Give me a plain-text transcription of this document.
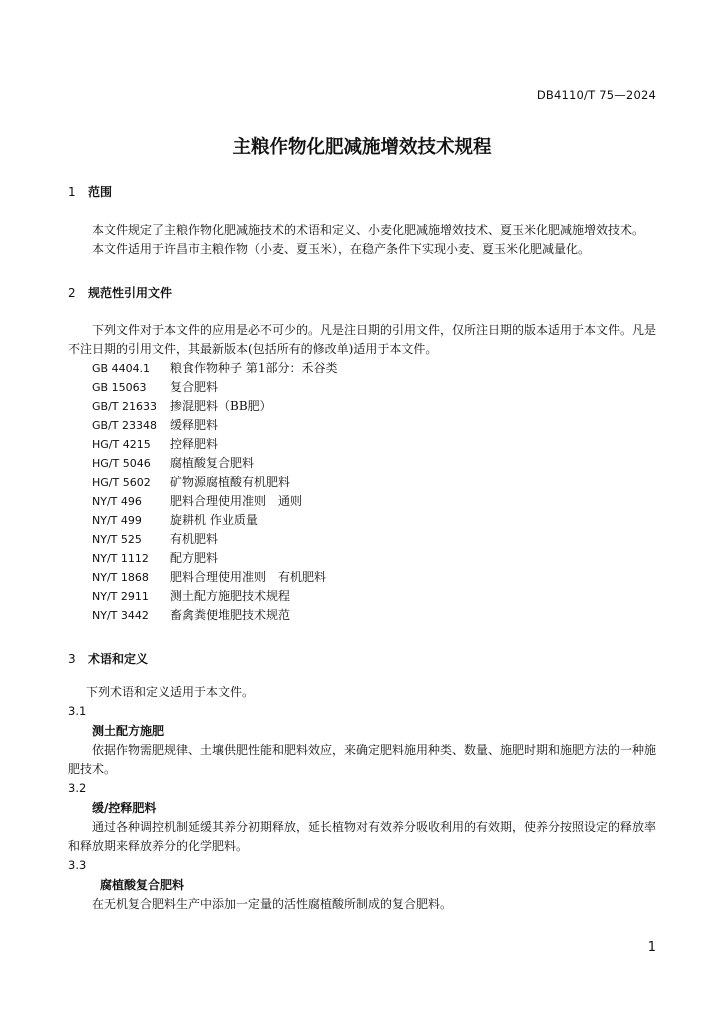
DB4110/T 75—2024
主粮作物化肥减施增效技术规程
1 范围
本文件规定了主粮作物化肥减施技术的术语和定义、小麦化肥减施增效技术、夏玉米化肥减施增效技术。
本文件适用于许昌市主粮作物（小麦、夏玉米），在稳产条件下实现小麦、夏玉米化肥减量化。
2 规范性引用文件
下列文件对于本文件的应用是必不可少的。凡是注日期的引用文件，仅所注日期的版本适用于本文件。凡是不注日期的引用文件，其最新版本(包括所有的修改单)适用于本文件。
GB 4404.1	粮食作物种子 第1部分：禾谷类
GB 15063	复合肥料
GB/T 21633	掺混肥料（BB肥）
GB/T 23348	缓释肥料
HG/T 4215	控释肥料
HG/T 5046	腐植酸复合肥料
HG/T 5602	矿物源腐植酸有机肥料
NY/T 496	肥料合理使用准则　通则
NY/T 499	旋耕机 作业质量
NY/T 525	有机肥料
NY/T 1112	配方肥料
NY/T 1868	肥料合理使用准则　有机肥料
NY/T 2911	测土配方施肥技术规程
NY/T 3442	畜禽粪便堆肥技术规范
3 术语和定义
下列术语和定义适用于本文件。
3.1
测土配方施肥
依据作物需肥规律、土壤供肥性能和肥料效应，来确定肥料施用种类、数量、施肥时期和施肥方法的一种施肥技术。
3.2
缓/控释肥料
通过各种调控机制延缓其养分初期释放，延长植物对有效养分吸收利用的有效期，使养分按照设定的释放率和释放期来释放养分的化学肥料。
3.3
腐植酸复合肥料
在无机复合肥料生产中添加一定量的活性腐植酸所制成的复合肥料。
1
